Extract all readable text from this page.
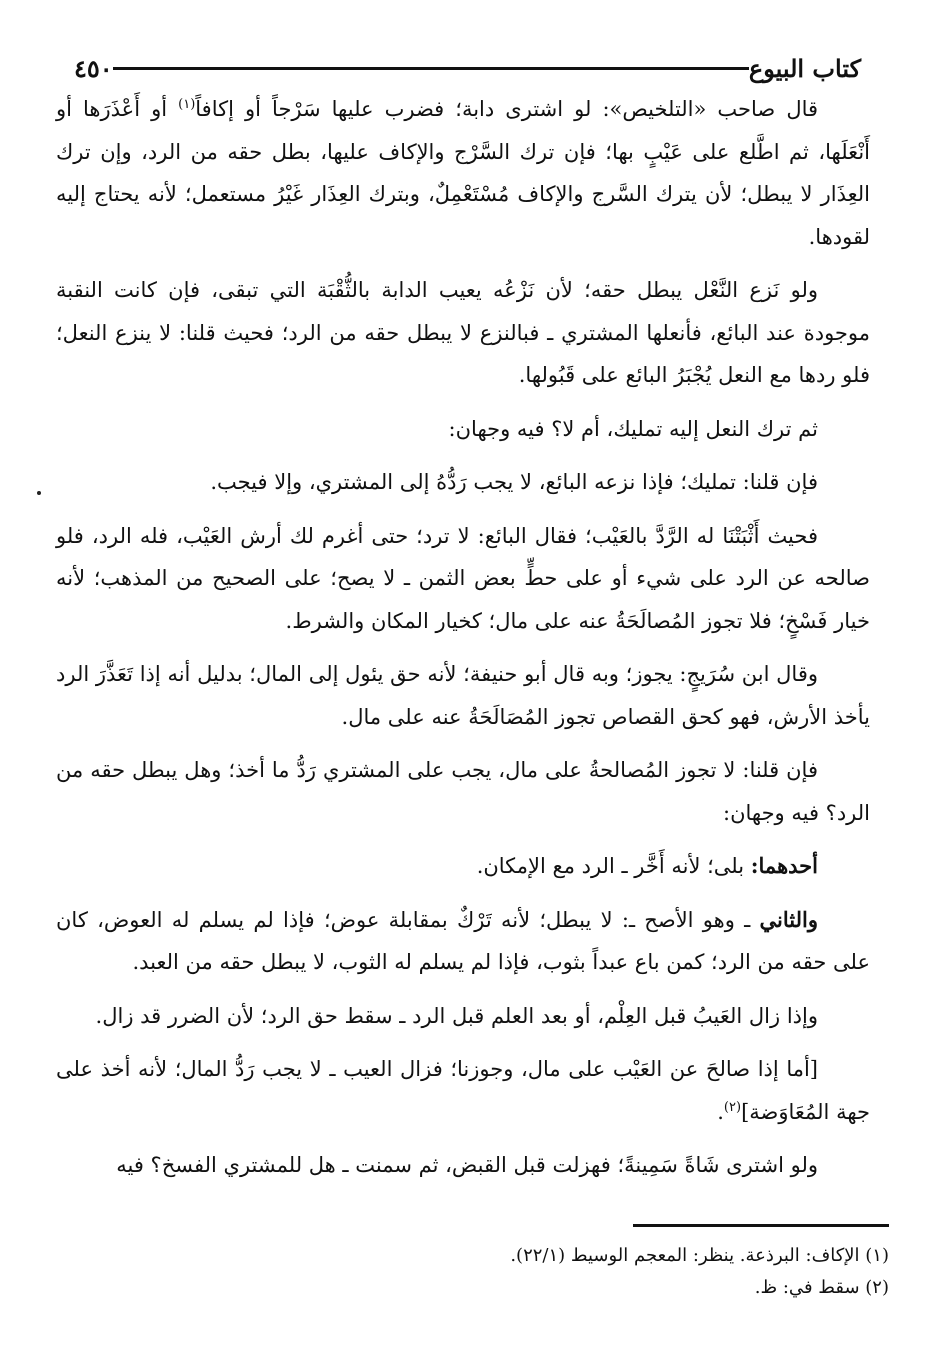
كتاب البيوع
٤٥٠

قال صاحب «التلخيص»: لو اشترى دابة؛ فضرب عليها سَرْجاً أو إكافاً$^{(١)}$ أو أَعْذَرَها أو أَنْعَلَها، ثم اطَّلع على عَيْبٍ بها؛ فإن ترك السَّرْج والإكاف عليها، بطل حقه من الرد، وإن ترك العِذَار لا يبطل؛ لأن يترك السَّرج والإكاف مُسْتَعْمِلٌ، وبترك العِذَار غَيْرُ مستعمل؛ لأنه يحتاج إليه لقودها.

ولو نَزع النَّعْل يبطل حقه؛ لأن نَزْعُه يعيب الدابة بالثُّقْبَة التي تبقى، فإن كانت النقبة موجودة عند البائع، فأنعلها المشتري ـ فبالنزع لا يبطل حقه من الرد؛ فحيث قلنا: لا ينزع النعل؛ فلو ردها مع النعل يُجْبَرُ البائع على قَبُولها.

ثم ترك النعل إليه تمليك، أم لا؟ فيه وجهان:

فإن قلنا: تمليك؛ فإذا نزعه البائع، لا يجب رَدُّهُ إلى المشتري، وإلا فيجب.

فحيث أَثْبَتْنَا له الرَّدَّ بالعَيْب؛ فقال البائع: لا ترد؛ حتى أغرم لك أرش العَيْب، فله الرد، فلو صالحه عن الرد على شيء أو على حطٍّ بعض الثمن ـ لا يصح؛ على الصحيح من المذهب؛ لأنه خيار فَسْخٍ؛ فلا تجوز المُصالَحَةُ عنه على مال؛ كخيار المكان والشرط.

وقال ابن سُرَيجٍ: يجوز؛ وبه قال أبو حنيفة؛ لأنه حق يئول إلى المال؛ بدليل أنه إذا تَعَذَّرَ الرد يأخذ الأرش، فهو كحق القصاص تجوز المُصَالَحَةُ عنه على مال.

فإن قلنا: لا تجوز المُصالحةُ على مال، يجب على المشتري رَدُّ ما أخذ؛ وهل يبطل حقه من الرد؟ فيه وجهان:

أحدهما: بلى؛ لأنه أَخَّر ـ الرد مع الإمكان.

والثاني ـ وهو الأصح ـ: لا يبطل؛ لأنه تَرْكٌ بمقابلة عوض؛ فإذا لم يسلم له العوض، كان على حقه من الرد؛ كمن باع عبداً بثوب، فإذا لم يسلم له الثوب، لا يبطل حقه من العبد.

وإذا زال العَيبُ قبل العِلْم، أو بعد العلم قبل الرد ـ سقط حق الرد؛ لأن الضرر قد زال.

[أما إذا صالحَ عن العَيْب على مال، وجوزنا؛ فزال العيب ـ لا يجب رَدُّ المال؛ لأنه أخذ على جهة المُعَاوَضة]$^{(٢)}$.

ولو اشترى شَاةً سَمِينةً؛ فهزلت قبل القبض، ثم سمنت ـ هل للمشتري الفسخ؟ فيه

(١) الإكاف: البرذعة. ينظر: المعجم الوسيط (٢٢/١).

(٢) سقط في: ظ.
